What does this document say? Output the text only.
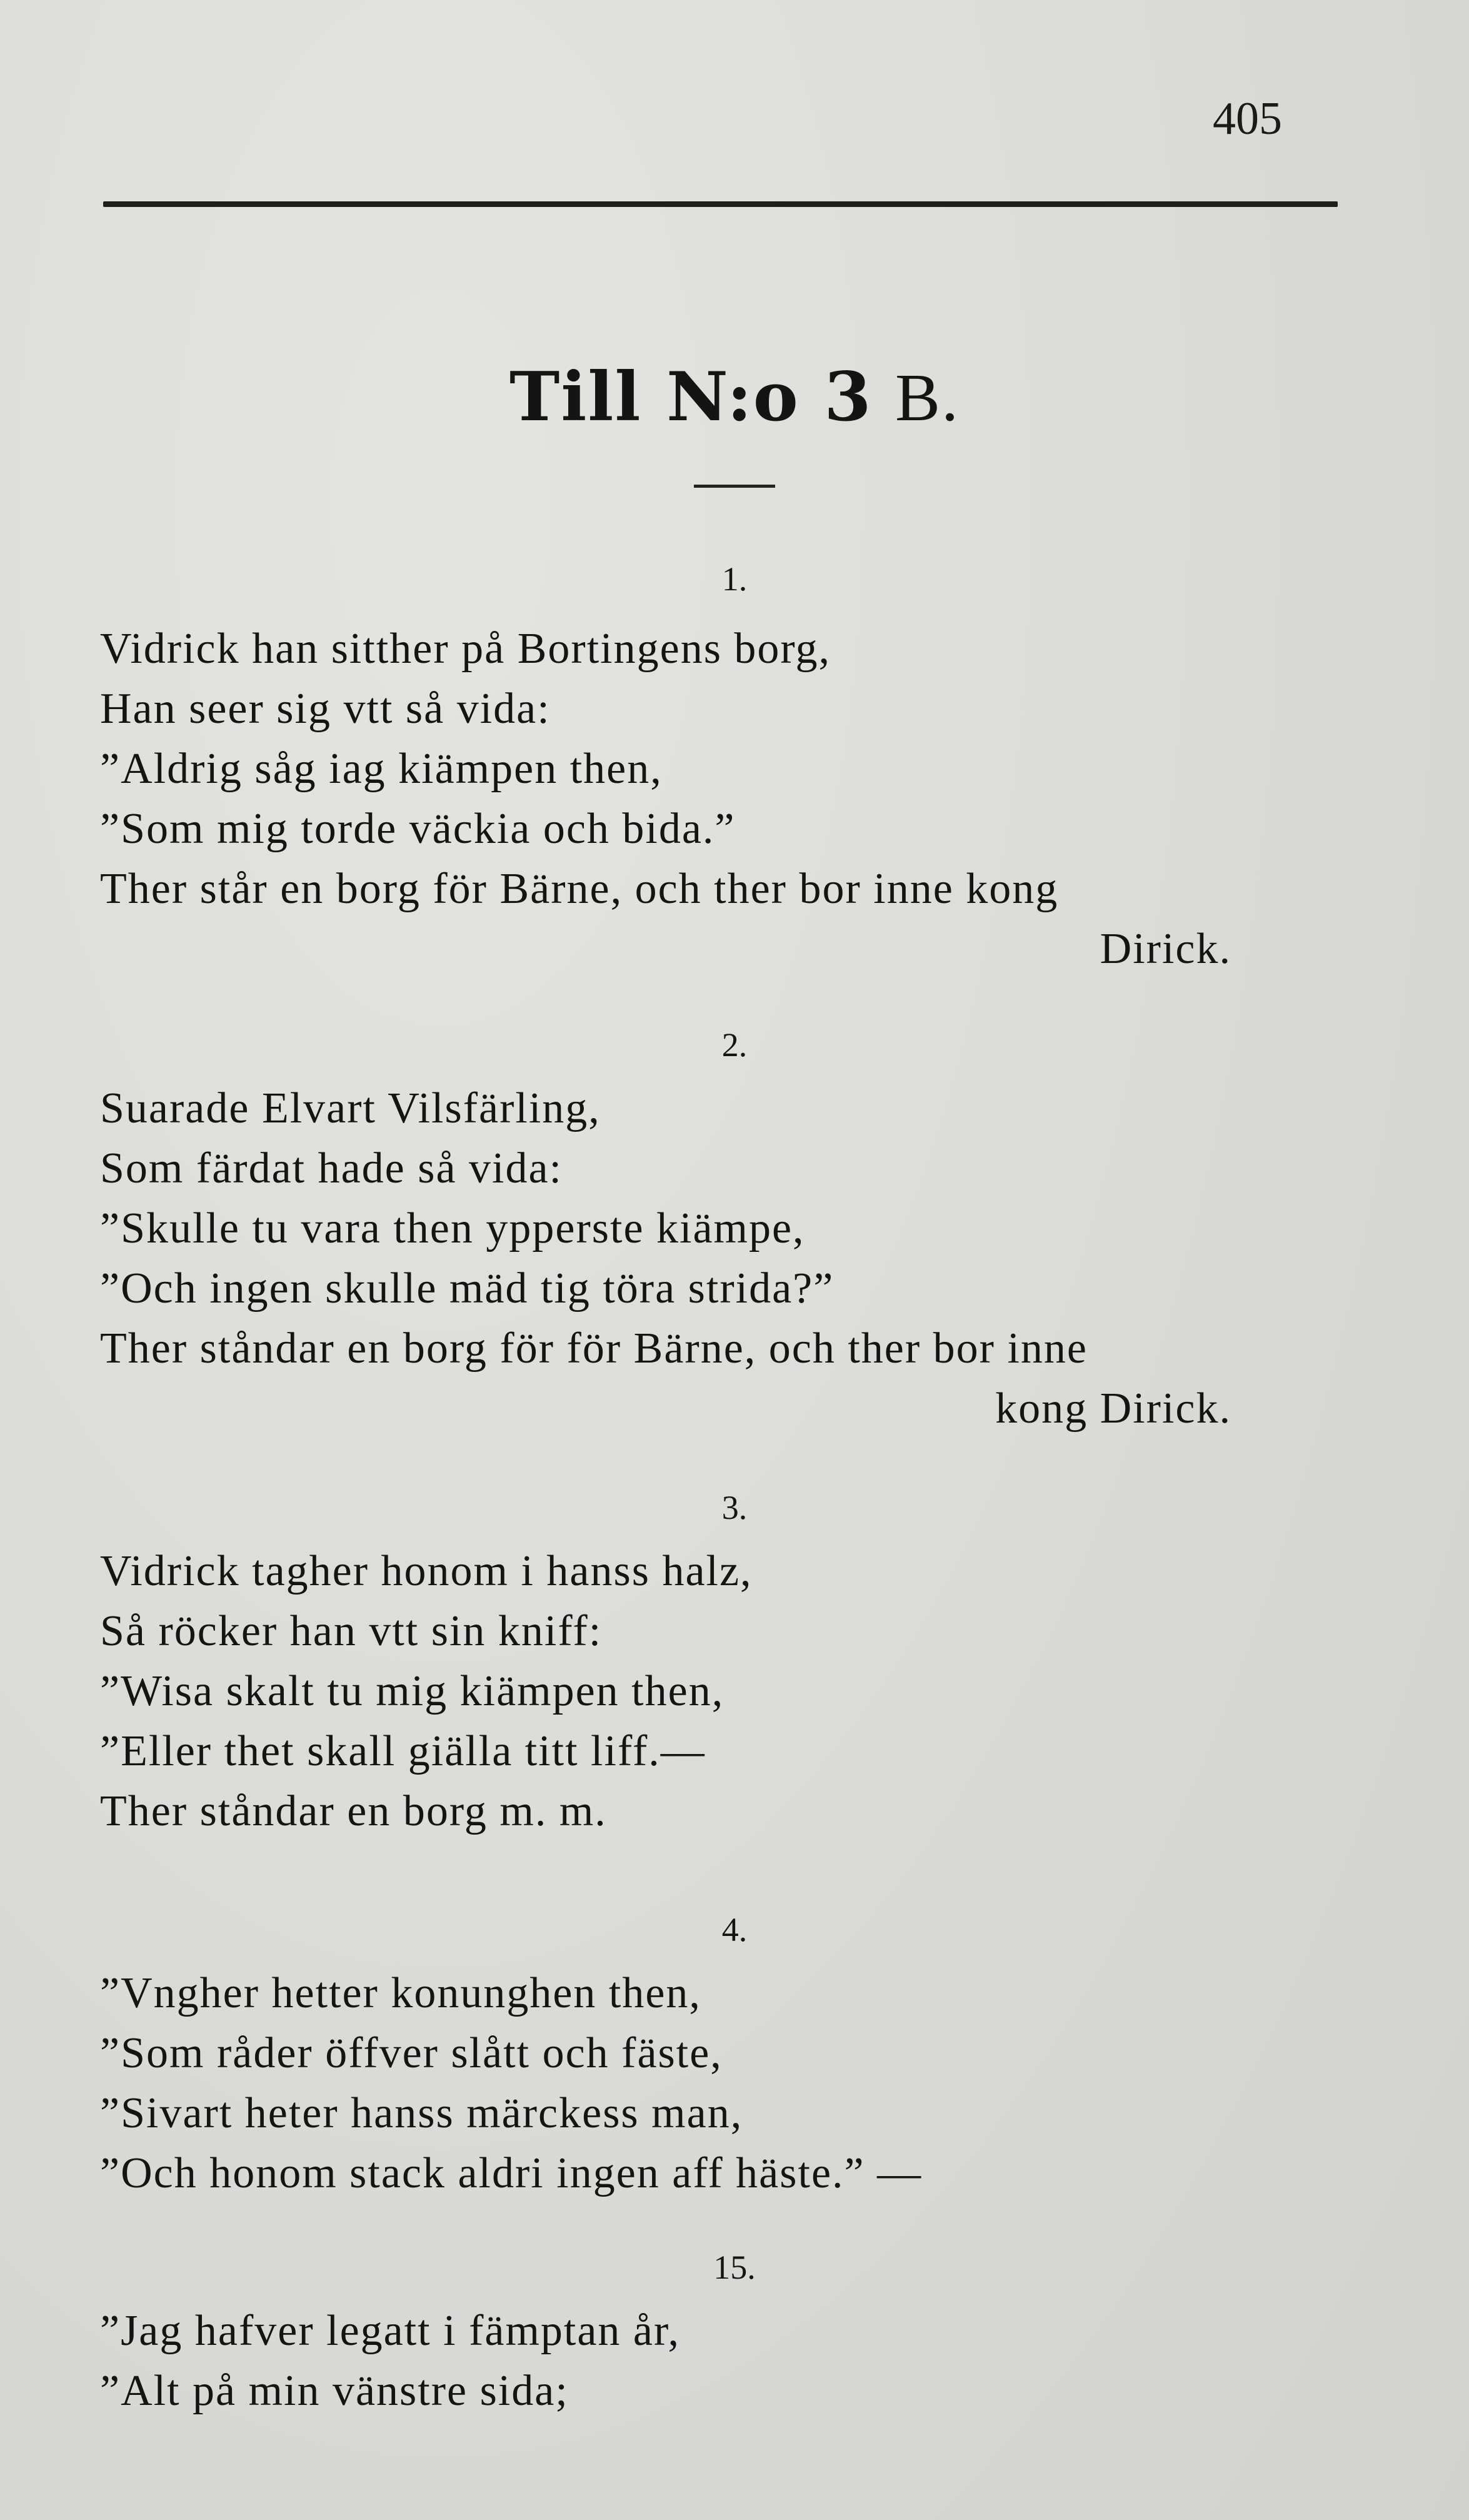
405
Till N:o 3 B.
1.
Vidrick han sitther på Bortingens borg,
Han seer sig vtt så vida:
”Aldrig såg iag kiämpen then,
”Som mig torde väckia och bida.”
Ther står en borg för Bärne, och ther bor inne kong
Dirick.
2.
Suarade Elvart Vilsfärling,
Som färdat hade så vida:
”Skulle tu vara then ypperste kiämpe,
”Och ingen skulle mäd tig töra strida?”
Ther ståndar en borg för för Bärne, och ther bor inne
kong Dirick.
3.
Vidrick tagher honom i hanss halz,
Så röcker han vtt sin kniff:
”Wisa skalt tu mig kiämpen then,
”Eller thet skall giälla titt liff.—
Ther ståndar en borg m. m.
4.
”Vngher hetter konunghen then,
”Som råder öffver slått och fäste,
”Sivart heter hanss märckess man,
”Och honom stack aldri ingen aff häste.” —
15.
”Jag hafver legatt i fämptan år,
”Alt på min vänstre sida;
